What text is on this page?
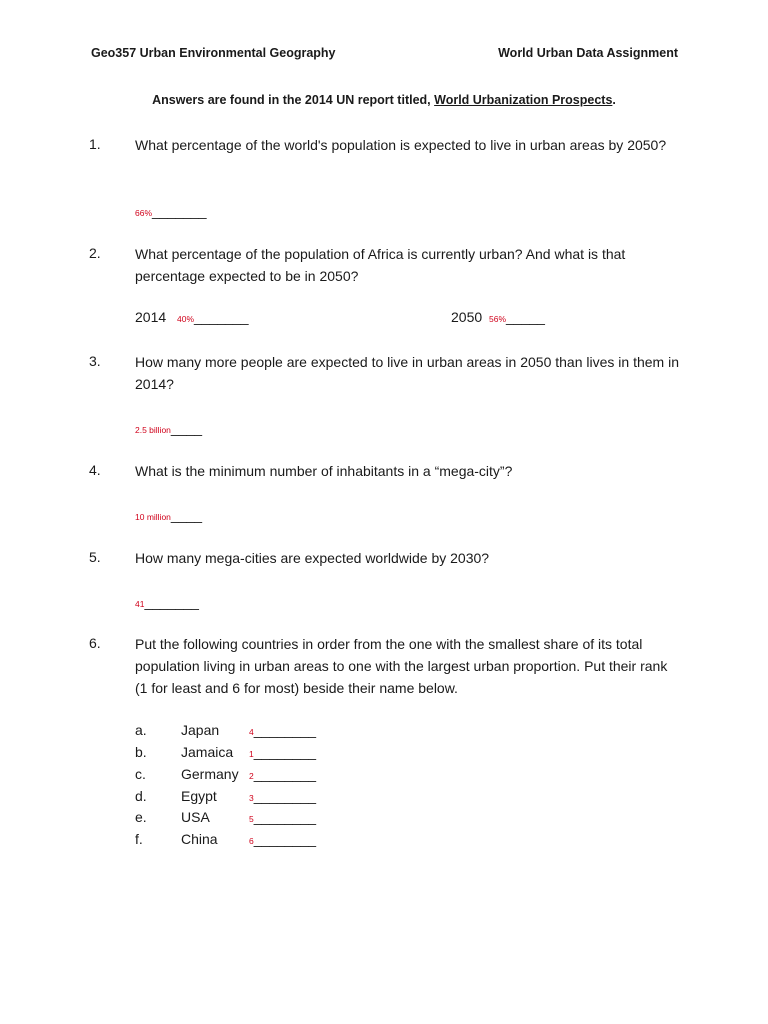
Geo357 Urban Environmental Geography	World Urban Data Assignment
Answers are found in the 2014 UN report titled, World Urbanization Prospects.
1. What percentage of the world's population is expected to live in urban areas by 2050?
66%_______
2. What percentage of the population of Africa is currently urban? And what is that percentage expected to be in 2050?
2014 40%_______	2050 56%_____
3. How many more people are expected to live in urban areas in 2050 than lives in them in 2014?
2.5 billion____
4. What is the minimum number of inhabitants in a “mega-city”?
10 million____
5. How many mega-cities are expected worldwide by 2030?
41_______
6. Put the following countries in order from the one with the smallest share of its total population living in urban areas to one with the largest urban proportion. Put their rank (1 for least and 6 for most) beside their name below.
a. Japan	4________
b. Jamaica 1________
c.	Germany 2________
d. Egypt	3________
e. USA	5________
f.	China	6________
